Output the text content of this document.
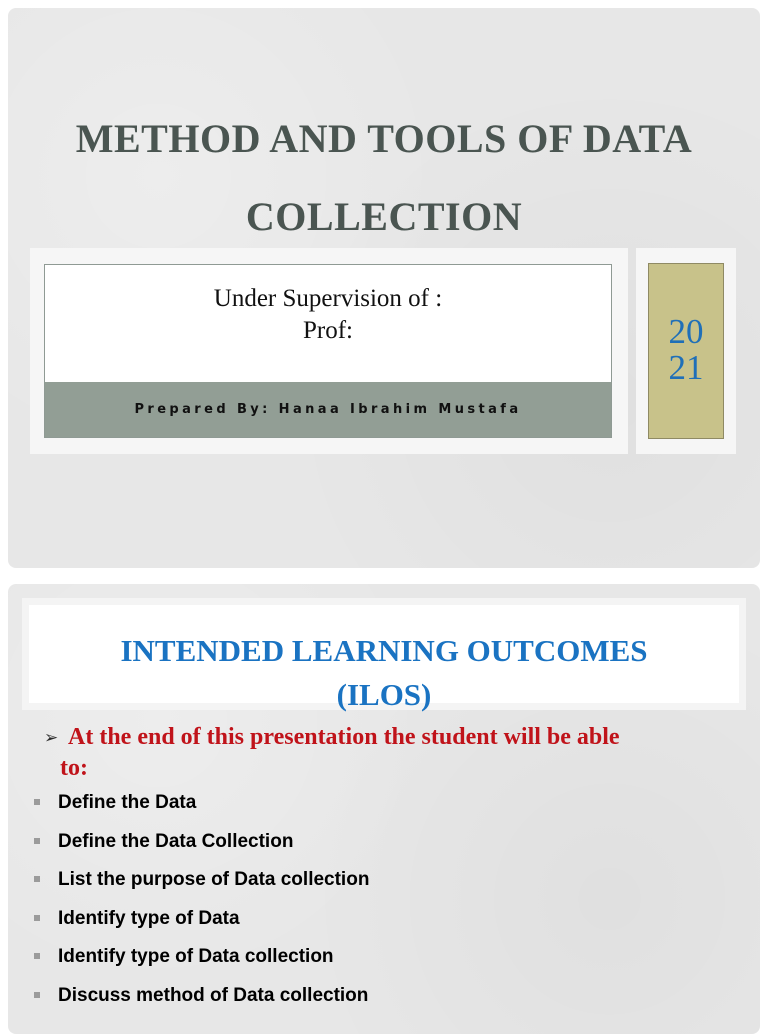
METHOD AND TOOLS OF DATA
COLLECTION
Under Supervision of :
Prof:
Prepared By: Hanaa Ibrahim Mustafa
20
21
INTENDED LEARNING OUTCOMES
(ILOS)
➢ At the end of this presentation the student will be able
to:
Define the Data
Define the Data Collection
List the purpose of Data collection
Identify type of Data
Identify type of Data collection
Discuss method of Data collection
